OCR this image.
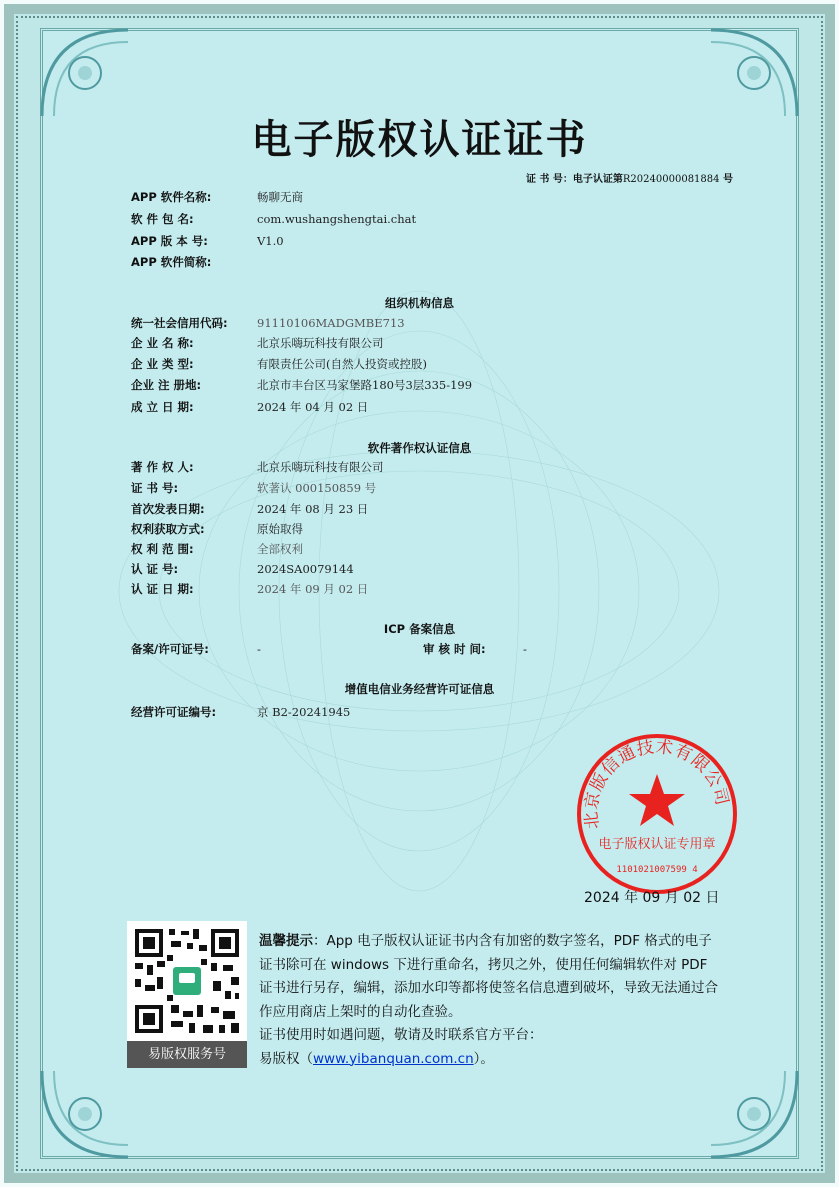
电子版权认证证书
证 书 号：电子认证第R20240000081884 号
APP 软件名称:	畅聊无商
软 件 包 名:	com.wushangshengtai.chat
APP 版 本 号:	V1.0
APP 软件简称:
组织机构信息
统一社会信用代码:	91110106MADGMBE713
企 业 名 称:	北京乐嗨玩科技有限公司
企 业 类 型:	有限责任公司(自然人投资或控股)
企业 注 册地:	北京市丰台区马家堡路180号3层335-199
成 立 日 期:	2024 年 04 月 02 日
软件著作权认证信息
著 作 权 人:	北京乐嗨玩科技有限公司
证 书 号:	软著认 000150859 号
首次发表日期:	2024 年 08 月 23 日
权利获取方式:	原始取得
权 利 范 围:	全部权利
认 证 号:	2024SA0079144
认 证 日 期:	2024 年 09 月 02 日
ICP 备案信息
备案/许可证号:	-	审 核 时 间:	-
增值电信业务经营许可证信息
经营许可证编号:	京 B2-20241945
北京版信通技术有限公司
电子版权认证专用章
1101021007599 4
2024 年 09 月 02 日
易版权服务号
温馨提示：App 电子版权认证证书内含有加密的数字签名，PDF 格式的电子证书除可在 windows 下进行重命名，拷贝之外，使用任何编辑软件对 PDF 证书进行另存，编辑，添加水印等都将使签名信息遭到破坏，导致无法通过合作应用商店上架时的自动化查验。
证书使用时如遇问题，敬请及时联系官方平台：
易版权（www.yibanquan.com.cn）。
